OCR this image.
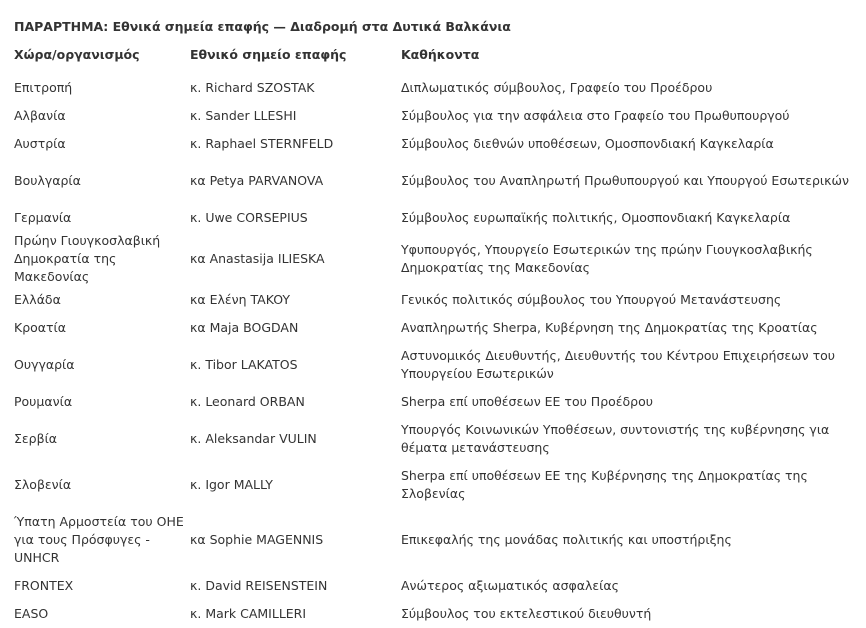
ΠΑΡΑΡΤΗΜΑ: Εθνικά σημεία επαφής — Διαδρομή στα Δυτικά Βαλκάνια
Χώρα/οργανισμός	Εθνικό σημείο επαφής	Καθήκοντα
Επιτροπή	κ. Richard SZOSTAK	Διπλωματικός σύμβουλος, Γραφείο του Προέδρου
Αλβανία	κ. Sander LLESHI	Σύμβουλος για την ασφάλεια στο Γραφείο του Πρωθυπουργού
Αυστρία	κ. Raphael STERNFELD	Σύμβουλος διεθνών υποθέσεων, Ομοσπονδιακή Καγκελαρία
Βουλγαρία	κα Petya PARVANOVA	Σύμβουλος του Αναπληρωτή Πρωθυπουργού και Υπουργού Εσωτερικών
Γερμανία	κ. Uwe CORSEPIUS	Σύμβουλος ευρωπαϊκής πολιτικής, Ομοσπονδιακή Καγκελαρία
Πρώην Γιουγκοσλαβική Δημοκρατία της Μακεδονίας	κα Anastasija ILIESKA	Υφυπουργός, Υπουργείο Εσωτερικών της πρώην Γιουγκοσλαβικής Δημοκρατίας της Μακεδονίας
Ελλάδα	κα Ελένη TAKOY	Γενικός πολιτικός σύμβουλος του Υπουργού Μετανάστευσης
Κροατία	κα Maja BOGDAN	Αναπληρωτής Sherpa, Κυβέρνηση της Δημοκρατίας της Κροατίας
Ουγγαρία	κ. Tibor LAKATOS	Αστυνομικός Διευθυντής, Διευθυντής του Κέντρου Επιχειρήσεων του Υπουργείου Εσωτερικών
Ρουμανία	κ. Leonard ORBAN	Sherpa επί υποθέσεων ΕΕ του Προέδρου
Σερβία	κ. Aleksandar VULIN	Υπουργός Κοινωνικών Υποθέσεων, συντονιστής της κυβέρνησης για θέματα μετανάστευσης
Σλοβενία	κ. Igor MALLY	Sherpa επί υποθέσεων ΕΕ της Κυβέρνησης της Δημοκρατίας της Σλοβενίας
Ύπατη Αρμοστεία του ΟΗΕ για τους Πρόσφυγες - UNHCR	κα Sophie MAGENNIS	Επικεφαλής της μονάδας πολιτικής και υποστήριξης
FRONTEX	κ. David REISENSTEIN	Ανώτερος αξιωματικός ασφαλείας
EASO	κ. Mark CAMILLERI	Σύμβουλος του εκτελεστικού διευθυντή
